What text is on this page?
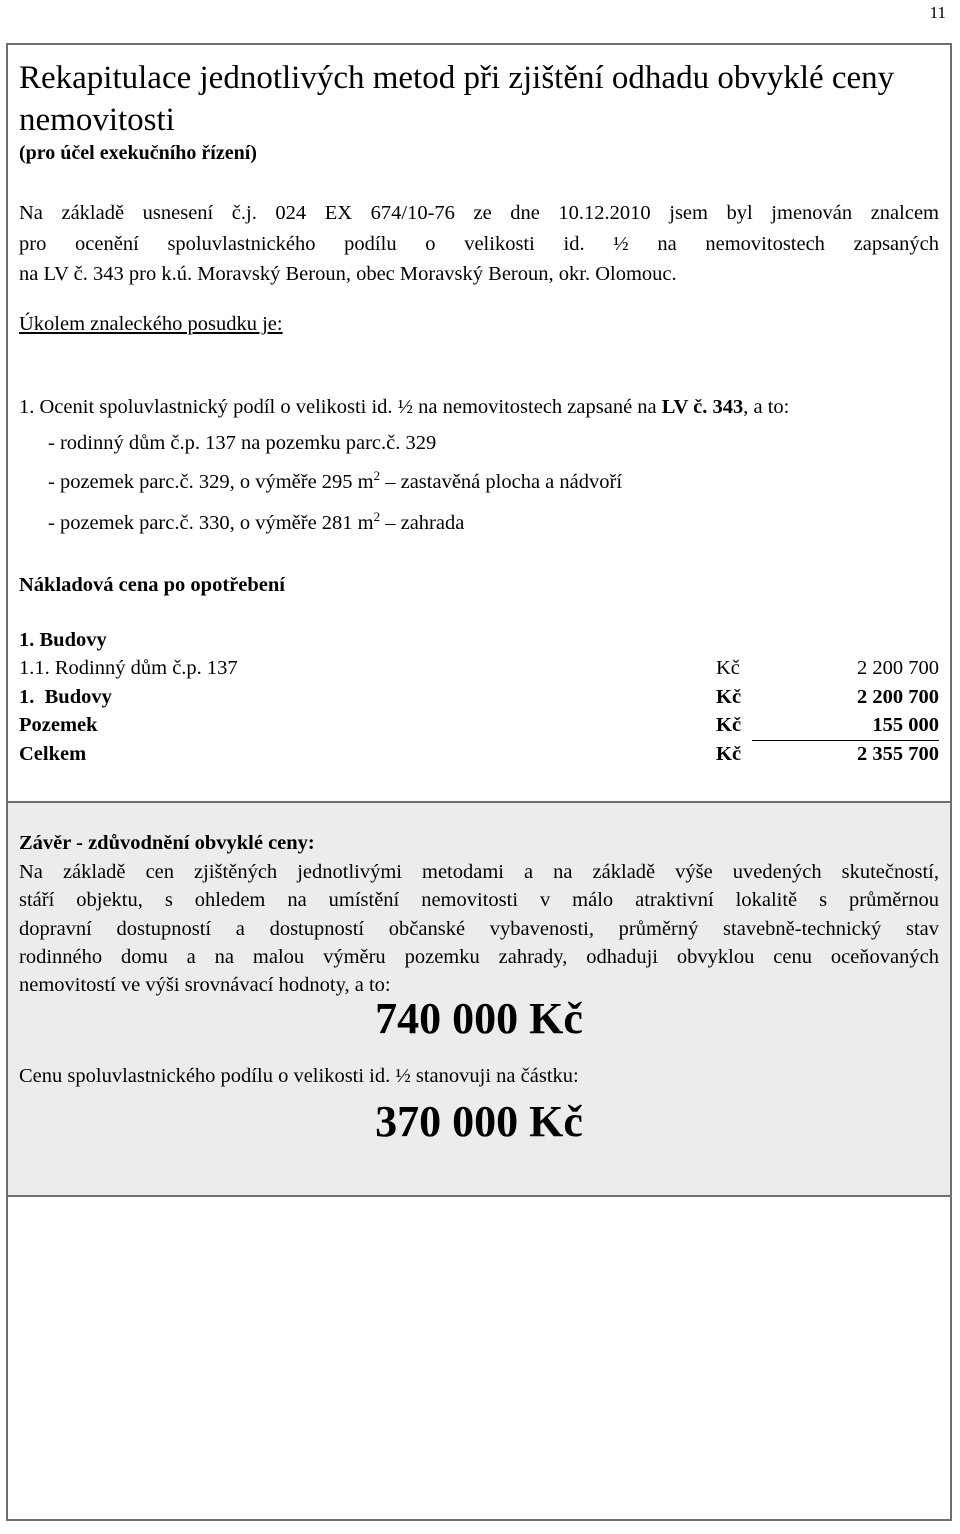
11
Rekapitulace jednotlivých metod při zjištění odhadu obvyklé ceny nemovitosti
(pro účel exekučního řízení)
Na základě usnesení č.j. 024 EX 674/10-76 ze dne 10.12.2010 jsem byl jmenován znalcem
pro ocenění spoluvlastnického podílu o velikosti id. ½ na nemovitostech zapsaných
na LV č. 343 pro k.ú. Moravský Beroun, obec Moravský Beroun, okr. Olomouc.
Úkolem znaleckého posudku je:
1. Ocenit spoluvlastnický podíl o velikosti id. ½ na nemovitostech zapsané na LV č. 343, a to:
- rodinný dům č.p. 137 na pozemku parc.č. 329
- pozemek parc.č. 329, o výměře 295 $m^2$ – zastavěná plocha a nádvoří
- pozemek parc.č. 330, o výměře 281 $m^2$ – zahrada
Nákladová cena po opotřebení
1. Budovy
1.1. Rodinný dům č.p. 137	Kč	2 200 700
1.  Budovy	Kč	2 200 700
Pozemek	Kč	155 000
Celkem	Kč	2 355 700
Závěr - zdůvodnění obvyklé ceny:
Na základě cen zjištěných jednotlivými metodami a na základě výše uvedených skutečností,
stáří objektu, s ohledem na umístění nemovitosti v málo atraktivní lokalitě s průměrnou
dopravní dostupností a dostupností občanské vybavenosti, průměrný stavebně-technický stav
rodinného domu a na malou výměru pozemku zahrady, odhaduji obvyklou cenu oceňovaných
nemovitostí ve výši srovnávací hodnoty, a to:
740 000 Kč
Cenu spoluvlastnického podílu o velikosti id. ½ stanovuji na částku:
370 000 Kč
